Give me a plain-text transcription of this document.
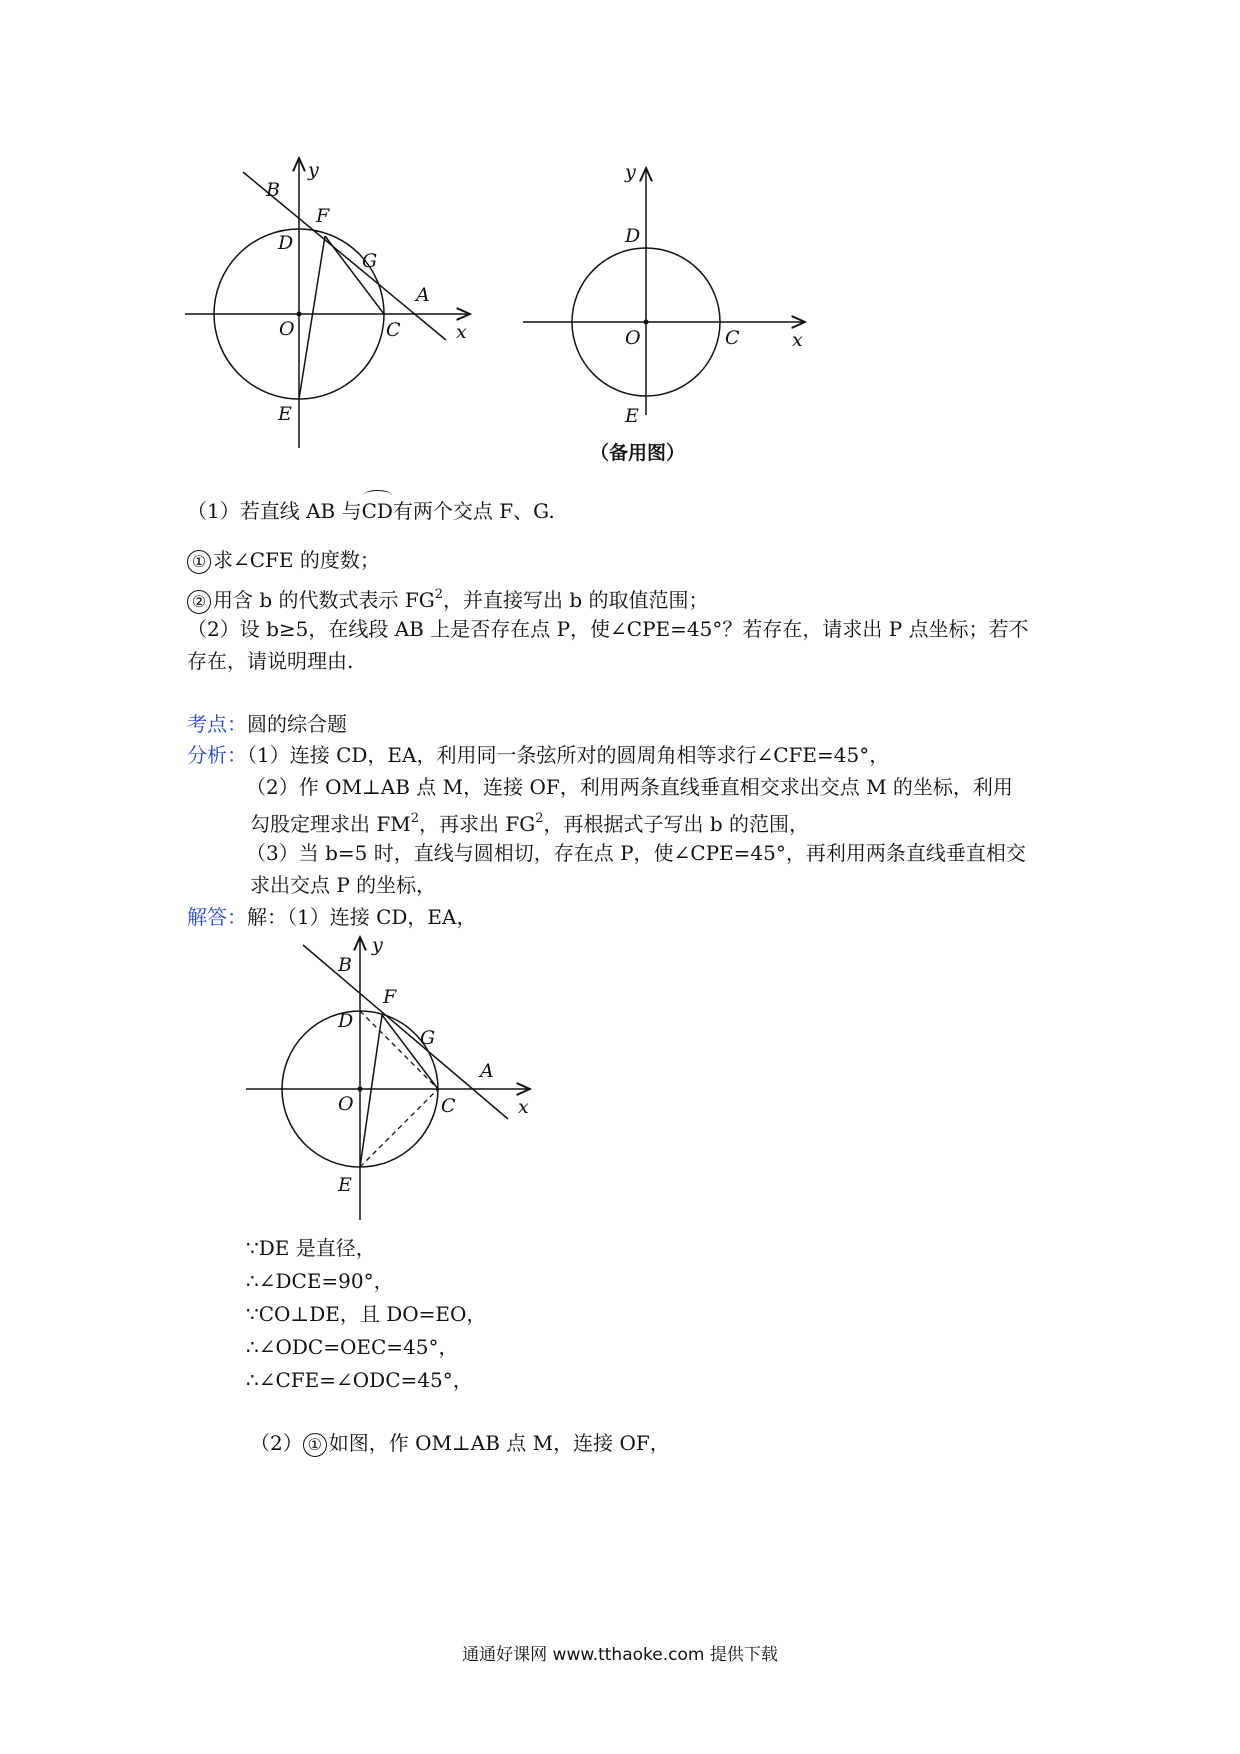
y
B
F
D
G
A
O	C	x
E
y
D
O	C	x
E
（备用图）
（1）若直线 AB 与CD有两个交点 F、G.
① 求∠CFE 的度数；
② 用含 b 的代数式表示 $FG^2$，并直接写出 b 的取值范围；
（2）设 b≥5，在线段 AB 上是否存在点 P，使∠CPE=45°？若存在，请求出 P 点坐标；若不
存在，请说明理由.
考点：圆的综合题
分析：（1）连接 CD，EA，利用同一条弦所对的圆周角相等求行∠CFE=45°，
（2）作 OM⊥AB 点 M，连接 OF，利用两条直线垂直相交求出交点 M 的坐标，利用
勾股定理求出 $FM^2$，再求出 $FG^2$，再根据式子写出 b 的范围，
（3）当 b=5 时，直线与圆相切，存在点 P，使∠CPE=45°，再利用两条直线垂直相交
求出交点 P 的坐标，
解答：解：（1）连接 CD，EA，
y
B
F
D
G
A
O	C	x
E
∵DE 是直径，
∴∠DCE=90°，
∵CO⊥DE，且 DO=EO，
∴∠ODC=OEC=45°，
∴∠CFE=∠ODC=45°，
（2） ① 如图，作 OM⊥AB 点 M，连接 OF，
通通好课网 www.tthaoke.com 提供下载
